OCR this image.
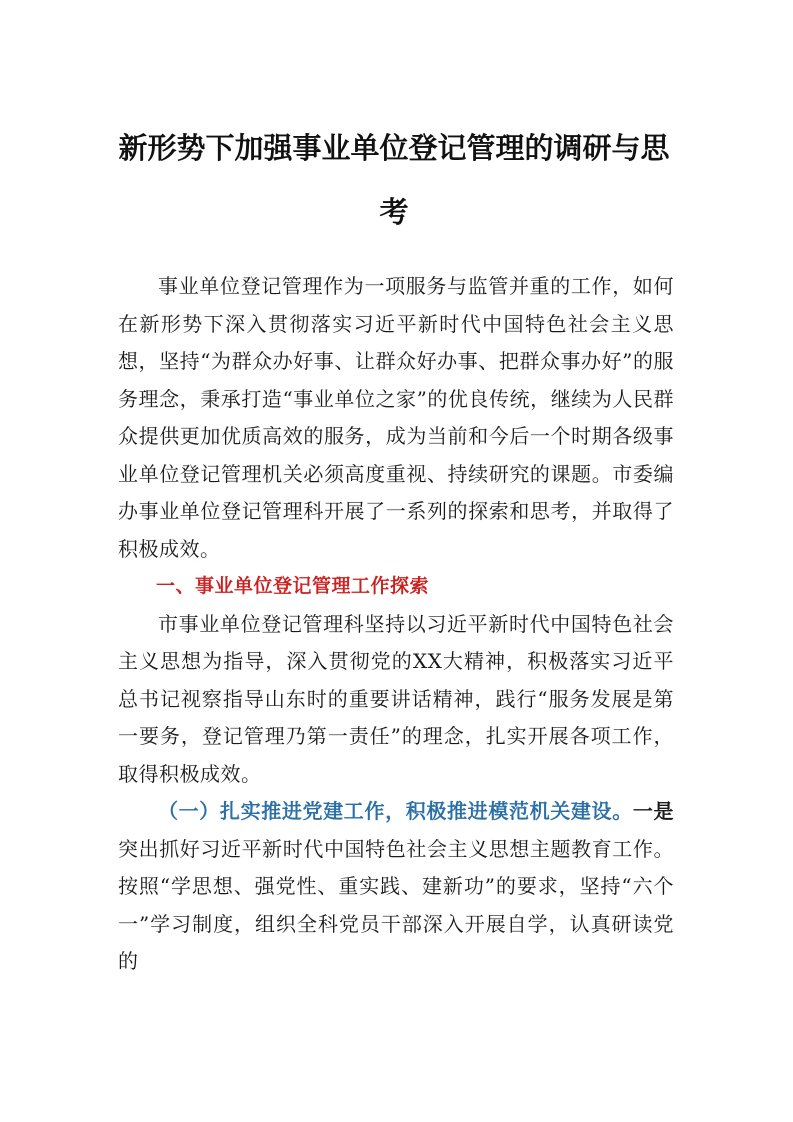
新形势下加强事业单位登记管理的调研与思
考

事业单位登记管理作为一项服务与监管并重的工作，如何在新形势下深入贯彻落实习近平新时代中国特色社会主义思想，坚持“为群众办好事、让群众好办事、把群众事办好”的服务理念，秉承打造“事业单位之家”的优良传统，继续为人民群众提供更加优质高效的服务，成为当前和今后一个时期各级事业单位登记管理机关必须高度重视、持续研究的课题。市委编办事业单位登记管理科开展了一系列的探索和思考，并取得了积极成效。

一、事业单位登记管理工作探索

市事业单位登记管理科坚持以习近平新时代中国特色社会主义思想为指导，深入贯彻党的XX大精神，积极落实习近平总书记视察指导山东时的重要讲话精神，践行“服务发展是第一要务，登记管理乃第一责任”的理念，扎实开展各项工作，取得积极成效。

（一）扎实推进党建工作，积极推进模范机关建设。一是突出抓好习近平新时代中国特色社会主义思想主题教育工作。按照“学思想、强党性、重实践、建新功”的要求，坚持“六个一”学习制度，组织全科党员干部深入开展自学，认真研读党的
